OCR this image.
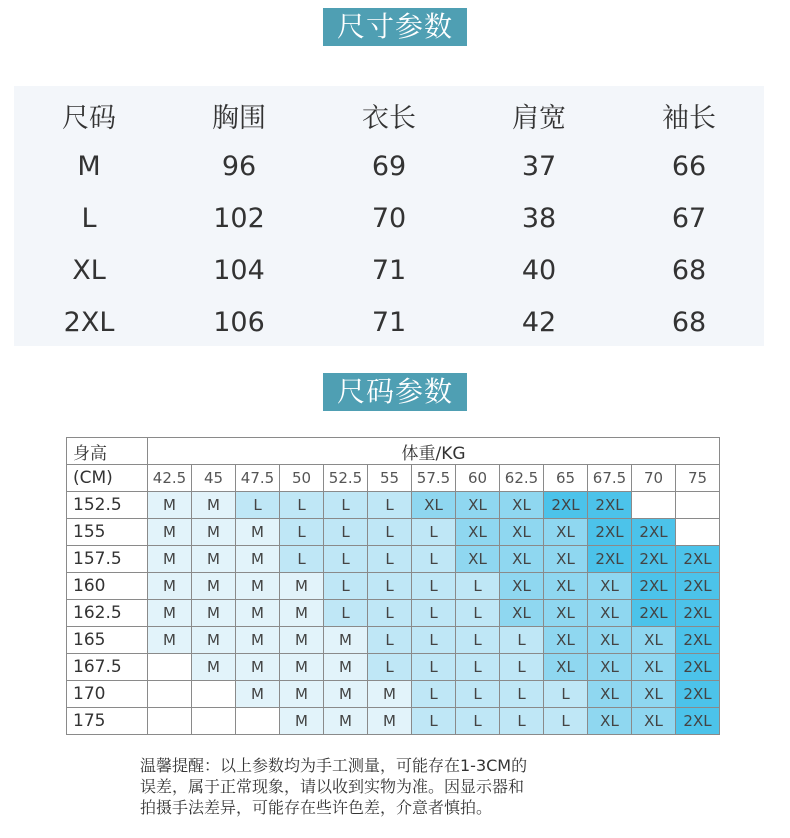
尺寸参数
尺码	胸围	衣长	肩宽	袖长
M	96	69	37	66
L	102	70	38	67
XL	104	71	40	68
2XL	106	71	42	68
尺码参数
身高	体重/KG												
(CM)	42.5	45	47.5	50	52.5	55	57.5	60	62.5	65	67.5	70	75
152.5	M	M	L	L	L	L	XL	XL	XL	2XL	2XL		
155	M	M	M	L	L	L	L	XL	XL	XL	2XL	2XL	
157.5	M	M	M	L	L	L	L	XL	XL	XL	2XL	2XL	2XL
160	M	M	M	M	L	L	L	L	XL	XL	XL	2XL	2XL
162.5	M	M	M	M	L	L	L	L	XL	XL	XL	2XL	2XL
165	M	M	M	M	M	L	L	L	L	XL	XL	XL	2XL
167.5		M	M	M	M	L	L	L	L	XL	XL	XL	2XL
170			M	M	M	M	L	L	L	L	XL	XL	2XL
175				M	M	M	L	L	L	L	XL	XL	2XL
温馨提醒：以上参数均为手工测量，可能存在1-3CM的
误差，属于正常现象，请以收到实物为准。因显示器和
拍摄手法差异，可能存在些许色差，介意者慎拍。
